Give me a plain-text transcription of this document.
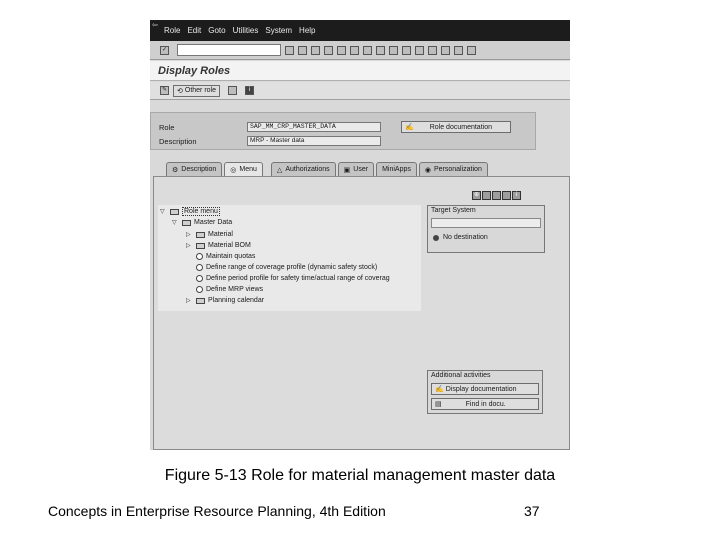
⇦
Role Edit Goto Utilities System Help
✓
Display Roles
✎ ⟲ Other role	i
Role	SAP_MM_CRP_MASTER_DATA
Description	MRP - Master data
✍ Role documentation
⚙ Description ◎ Menu	△ Authorizations ▣ User MiniApps ◉ Personalization
⊕	i
▽	Role menu
▽	Master Data
▷	Material
▷	Material BOM
Maintain quotas
Define range of coverage profile (dynamic safety stock)
Define period profile for safety time/actual range of coverag
Define MRP views
▷	Planning calendar
Target System
No destination
Additional activities
✍ Display documentation
▤	Find in docu.
Figure 5-13 Role for material management master data
Concepts in Enterprise Resource Planning, 4th Edition	37
